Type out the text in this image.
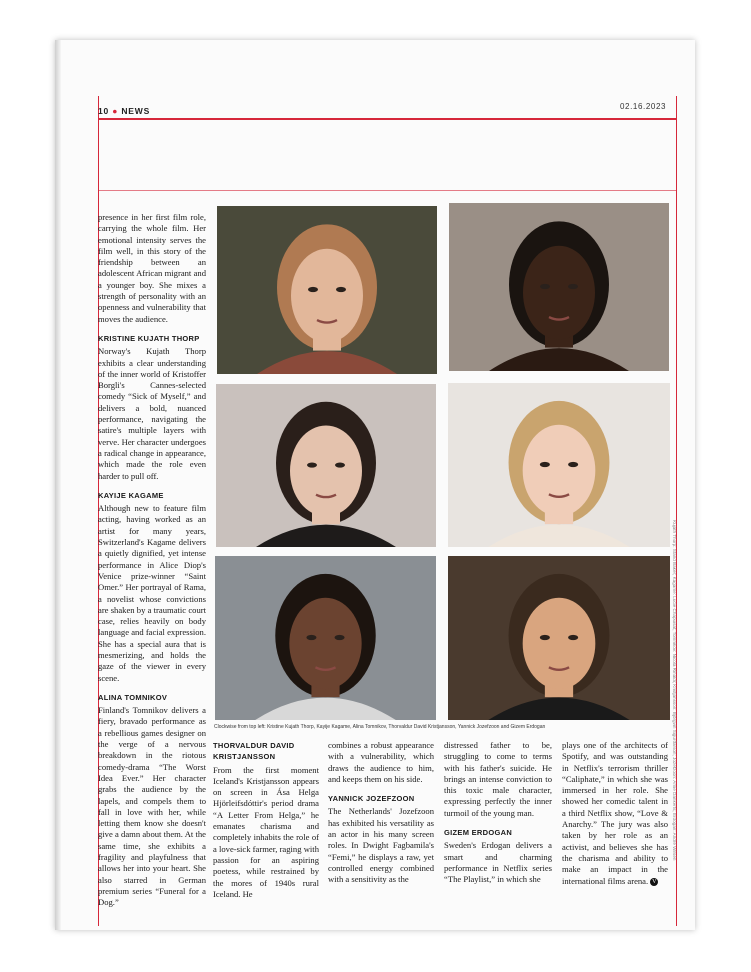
10 ● NEWS	02.16.2023

presence in her first film role, carrying the whole film. Her emotional intensity serves the film well, in this story of the friendship between an adolescent African migrant and a younger boy. She mixes a strength of personality with an openness and vulnerability that moves the audience.

KRISTINE KUJATH THORP

Norway's Kujath Thorp exhibits a clear understanding of the inner world of Kristoffer Borgli's Cannes-selected comedy “Sick of Myself,” and delivers a bold, nuanced performance, navigating the satire's multiple layers with verve. Her character undergoes a radical change in appearance, which made the role even harder to pull off.

KAYIJE KAGAME

Although new to feature film acting, having worked as an artist for many years, Switzerland's Kagame delivers a quietly dignified, yet intense performance in Alice Diop's Venice prize-winner “Saint Omer.” Her portrayal of Rama, a novelist whose convictions are shaken by a traumatic court case, relies heavily on body language and facial expression. She has a special aura that is mesmerizing, and holds the gaze of the viewer in every scene.

ALINA TOMNIKOV

Finland's Tomnikov delivers a fiery, bravado performance as a rebellious games designer on the verge of a nervous breakdown in the riotous comedy-drama “The Worst Idea Ever.” Her character grabs the audience by the lapels, and compels them to fall in love with her, while letting them know she doesn't give a damn about them. At the same time, she exhibits a fragility and playfulness that allows her into your heart. She also starred in German premium series “Funeral for a Dog.”

Clockwise from top left: Kristine Kujath Thorp, Kayije Kagame, Alina Tomnikov, Thorvaldur David Kristjansson, Yannick Jozefzoon and Gizem Erdogan
THORVALDUR DAVID KRISTJANSSON

From the first moment Iceland's Kristjansson appears on screen in Ása Helga Hjörleifsdóttir's period drama “A Letter From Helga,” he emanates charisma and completely inhabits the role of a love-sick farmer, raging with passion for an aspiring poetess, while restrained by the mores of 1940s rural Iceland. He

combines a robust appearance with a vulnerability, which draws the audience to him, and keeps them on his side.

YANNICK JOZEFZOON

The Netherlands' Jozefzoon has exhibited his versatility as an actor in his many screen roles. In Dwight Fagbamila's “Femi,” he displays a raw, yet controlled energy combined with a sensitivity as the

distressed father to be, struggling to come to terms with his father's suicide. He brings an intense conviction to this toxic male character, expressing perfectly the inner turmoil of the young man.

GIZEM ERDOGAN

Sweden's Erdogan delivers a smart and charming performance in Netflix series “The Playlist,” in which she

plays one of the architects of Spotify, and was outstanding in Netflix's terrorism thriller “Caliphate,” in which she was immersed in her role. She showed her comedic talent in a third Netflix show, “Love & Anarchy.” The jury was also taken by her role as an activist, and believes she has the charisma and ability to make an impact in the international films arena. V

Kujath Thorp: Stand Baker; Kagame: Lucie Chapuisat; Tomnikov: Nicola Rinaldi; Kristjansson: Björgvin Sigurðarson; Jozefzoon: Amie Dankerts; Erdogan: André Wirsén
